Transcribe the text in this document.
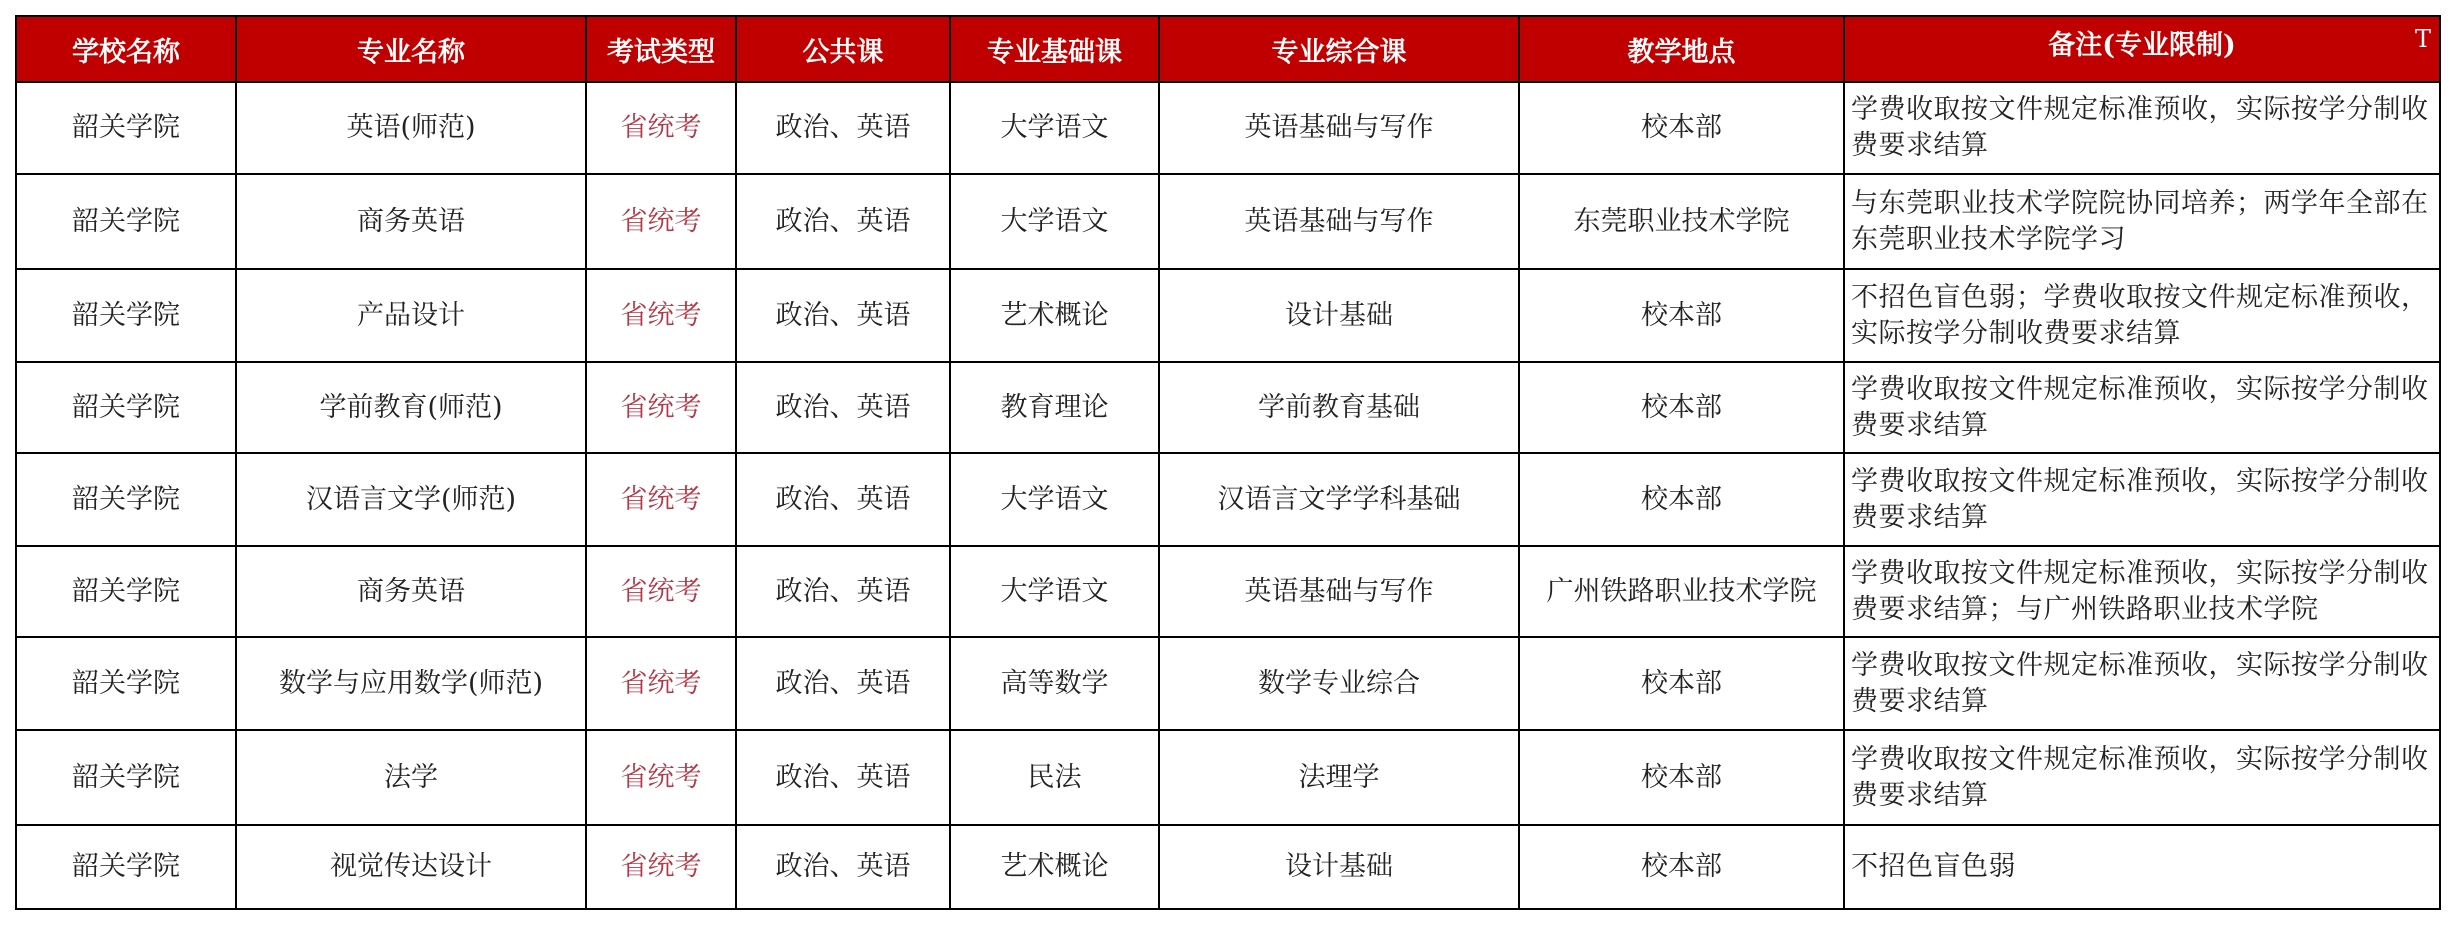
学校名称	专业名称	考试类型	公共课	专业基础课	专业综合课	教学地点	备注(专业限制) T

韶关学院	英语(师范)	省统考	政治、英语	大学语文	英语基础与写作	校本部	学费收取按文件规定标准预收，实际按学分制收费要求结算

韶关学院	商务英语	省统考	政治、英语	大学语文	英语基础与写作	东莞职业技术学院	与东莞职业技术学院院协同培养；两学年全部在东莞职业技术学院学习

韶关学院	产品设计	省统考	政治、英语	艺术概论	设计基础	校本部	不招色盲色弱；学费收取按文件规定标准预收，实际按学分制收费要求结算

韶关学院	学前教育(师范)	省统考	政治、英语	教育理论	学前教育基础	校本部	学费收取按文件规定标准预收，实际按学分制收费要求结算

韶关学院	汉语言文学(师范)	省统考	政治、英语	大学语文	汉语言文学学科基础	校本部	学费收取按文件规定标准预收，实际按学分制收费要求结算

韶关学院	商务英语	省统考	政治、英语	大学语文	英语基础与写作	广州铁路职业技术学院	学费收取按文件规定标准预收，实际按学分制收费要求结算；与广州铁路职业技术学院

韶关学院	数学与应用数学(师范)	省统考	政治、英语	高等数学	数学专业综合	校本部	学费收取按文件规定标准预收，实际按学分制收费要求结算

韶关学院	法学	省统考	政治、英语	民法	法理学	校本部	学费收取按文件规定标准预收，实际按学分制收费要求结算

韶关学院	视觉传达设计	省统考	政治、英语	艺术概论	设计基础	校本部	不招色盲色弱
